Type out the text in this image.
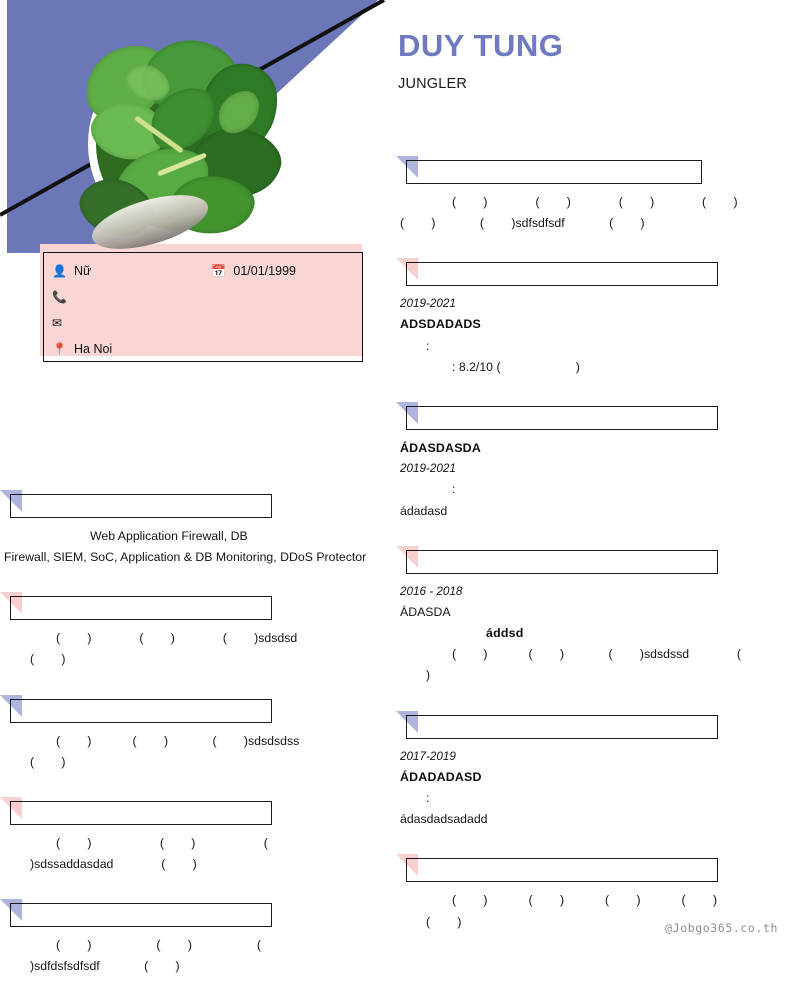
DUY TUNG
JUNGLER
(        )              (        )              (        )              (        )
(        )             (        )sdfsdfsdf             (        )
2019-2021
ADSDADADS
:
: 8.2/10 (                      )
ÁDASDASDA
2019-2021
:
ádadasd
2016 - 2018
ÁDASDA
áddsd
(        )            (        )             (        )sdsdssd              (
)
2017-2019
ÁDADADASD
:
ádasdadsadadd
(        )            (        )            (        )            (        )
(        )
👤 Nữ	📅 01/01/1999
📞
✉
📍 Ha Noi
Web Application Firewall, DB
Firewall, SIEM, SoC, Application & DB Monitoring, DDoS Protector
(        )              (        )              (        )sdsdsd
(        )
(        )            (        )             (        )sdsdsdss
(        )
(        )                    (        )                    (
)sdssaddasdad              (        )
(        )                   (        )                   (
)sdfdsfsdfsdf             (        )
@Jobgo365.co.th
